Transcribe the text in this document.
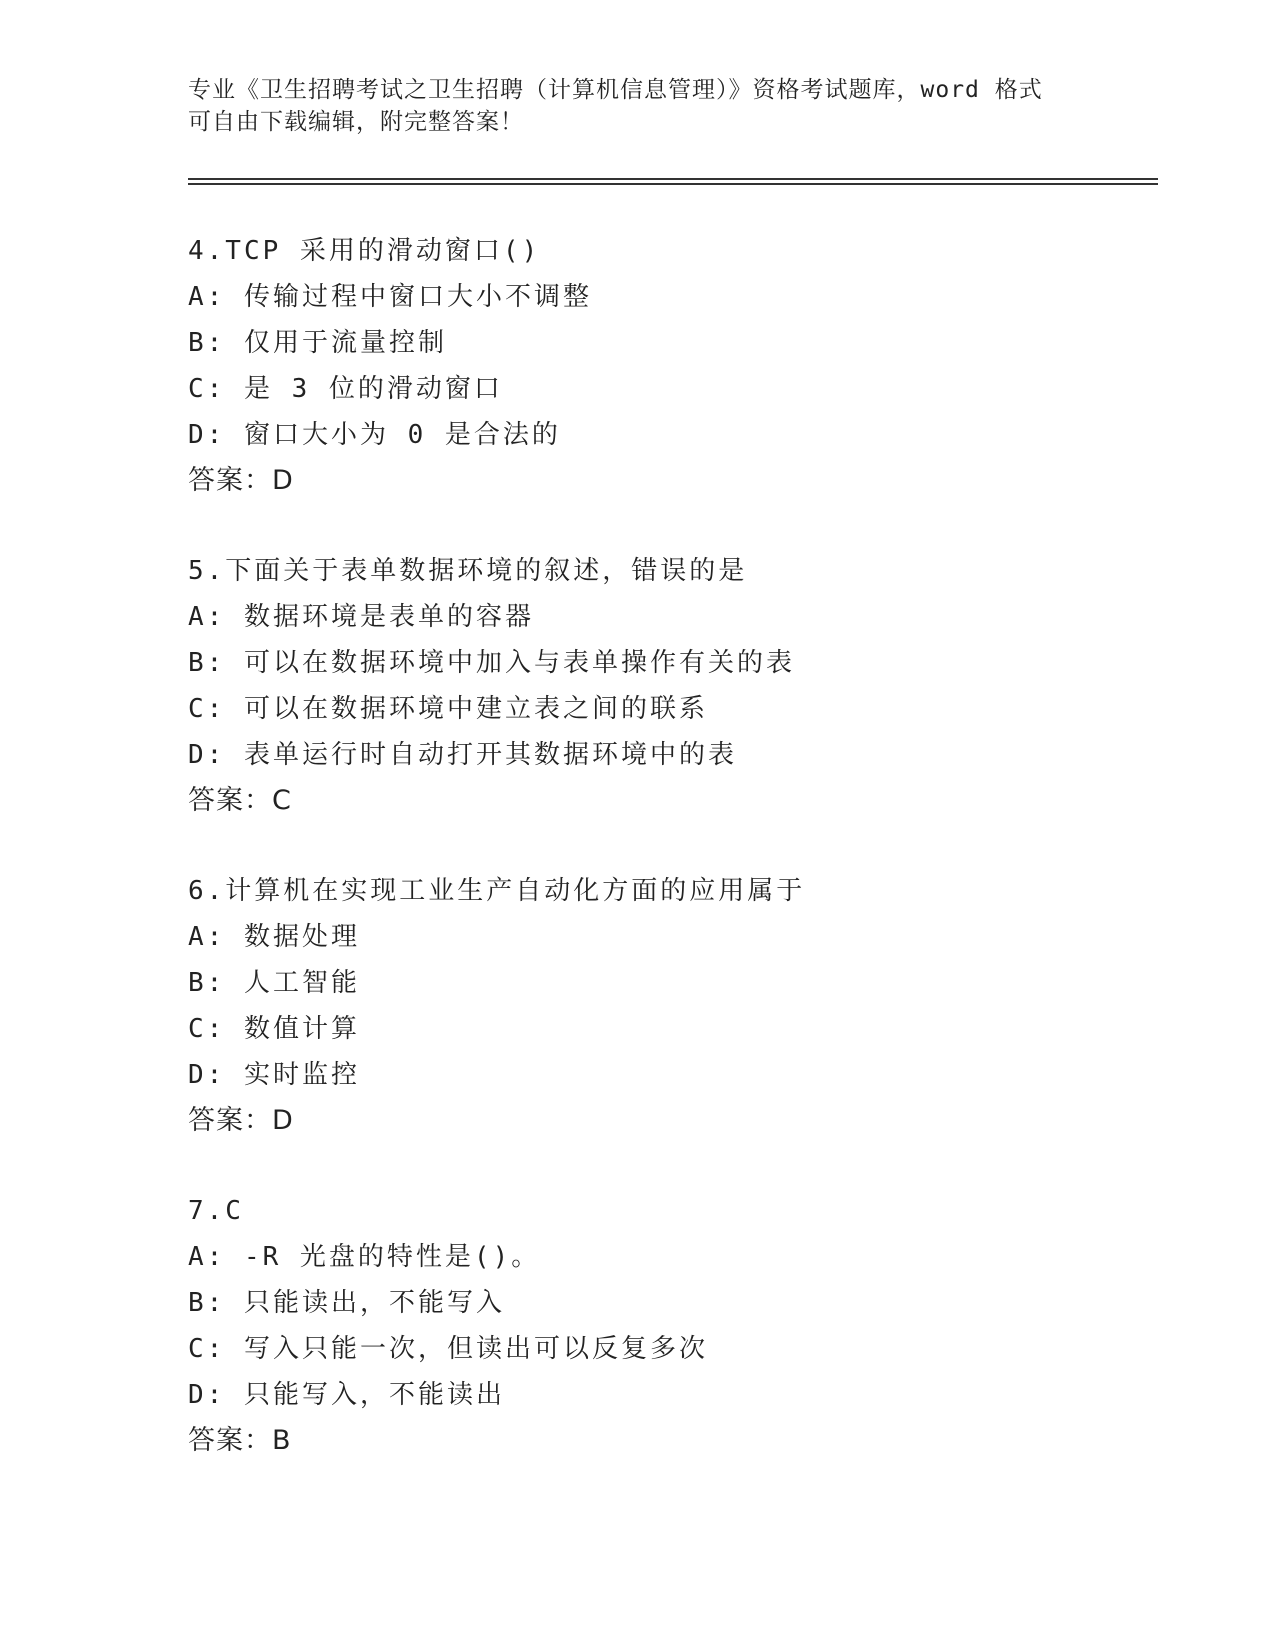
专业《卫生招聘考试之卫生招聘（计算机信息管理）》资格考试题库，word 格式
可自由下载编辑，附完整答案！
4.TCP 采用的滑动窗口()
A: 传输过程中窗口大小不调整
B: 仅用于流量控制
C: 是 3 位的滑动窗口
D: 窗口大小为 0 是合法的
答案：D
5.下面关于表单数据环境的叙述，错误的是
A: 数据环境是表单的容器
B: 可以在数据环境中加入与表单操作有关的表
C: 可以在数据环境中建立表之间的联系
D: 表单运行时自动打开其数据环境中的表
答案：C
6.计算机在实现工业生产自动化方面的应用属于
A: 数据处理
B: 人工智能
C: 数值计算
D: 实时监控
答案：D
7.C
A: -R 光盘的特性是()。
B: 只能读出，不能写入
C: 写入只能一次，但读出可以反复多次
D: 只能写入，不能读出
答案：B
